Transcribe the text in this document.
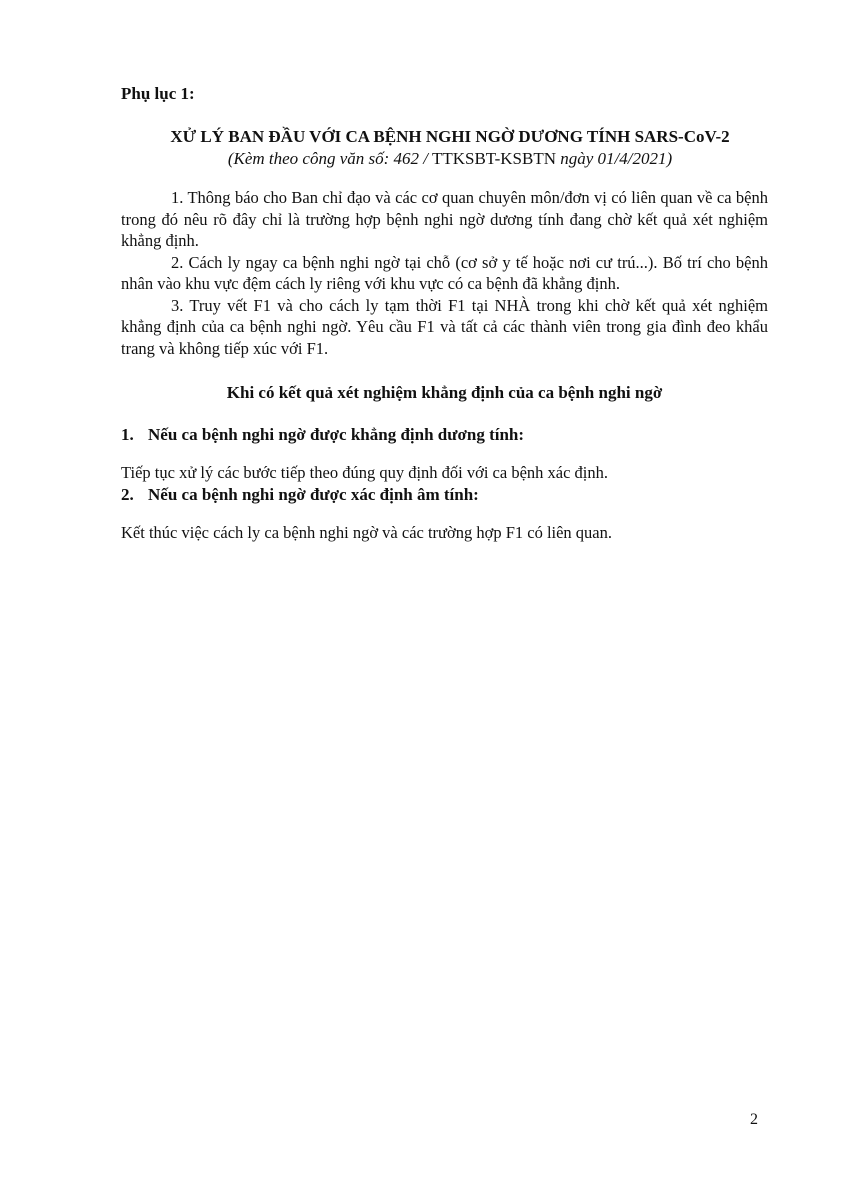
Phụ lục 1:
XỬ LÝ BAN ĐẦU VỚI CA BỆNH NGHI NGỜ DƯƠNG TÍNH SARS-CoV-2
(Kèm theo công văn số: 462 / TTKSBT-KSBTN ngày 01/4/2021)

1. Thông báo cho Ban chỉ đạo và các cơ quan chuyên môn/đơn vị có liên quan về ca bệnh trong đó nêu rõ đây chỉ là trường hợp bệnh nghi ngờ dương tính đang chờ kết quả xét nghiệm khẳng định.

2. Cách ly ngay ca bệnh nghi ngờ tại chỗ (cơ sở y tế hoặc nơi cư trú...). Bố trí cho bệnh nhân vào khu vực đệm cách ly riêng với khu vực có ca bệnh đã khẳng định.

3. Truy vết F1 và cho cách ly tạm thời F1 tại NHÀ trong khi chờ kết quả xét nghiệm khẳng định của ca bệnh nghi ngờ. Yêu cầu F1 và tất cả các thành viên trong gia đình đeo khẩu trang và không tiếp xúc với F1.

Khi có kết quả xét nghiệm khẳng định của ca bệnh nghi ngờ
1. Nếu ca bệnh nghi ngờ được khẳng định dương tính:
Tiếp tục xử lý các bước tiếp theo đúng quy định đối với ca bệnh xác định.
2. Nếu ca bệnh nghi ngờ được xác định âm tính:
Kết thúc việc cách ly ca bệnh nghi ngờ và các trường hợp F1 có liên quan.
2
